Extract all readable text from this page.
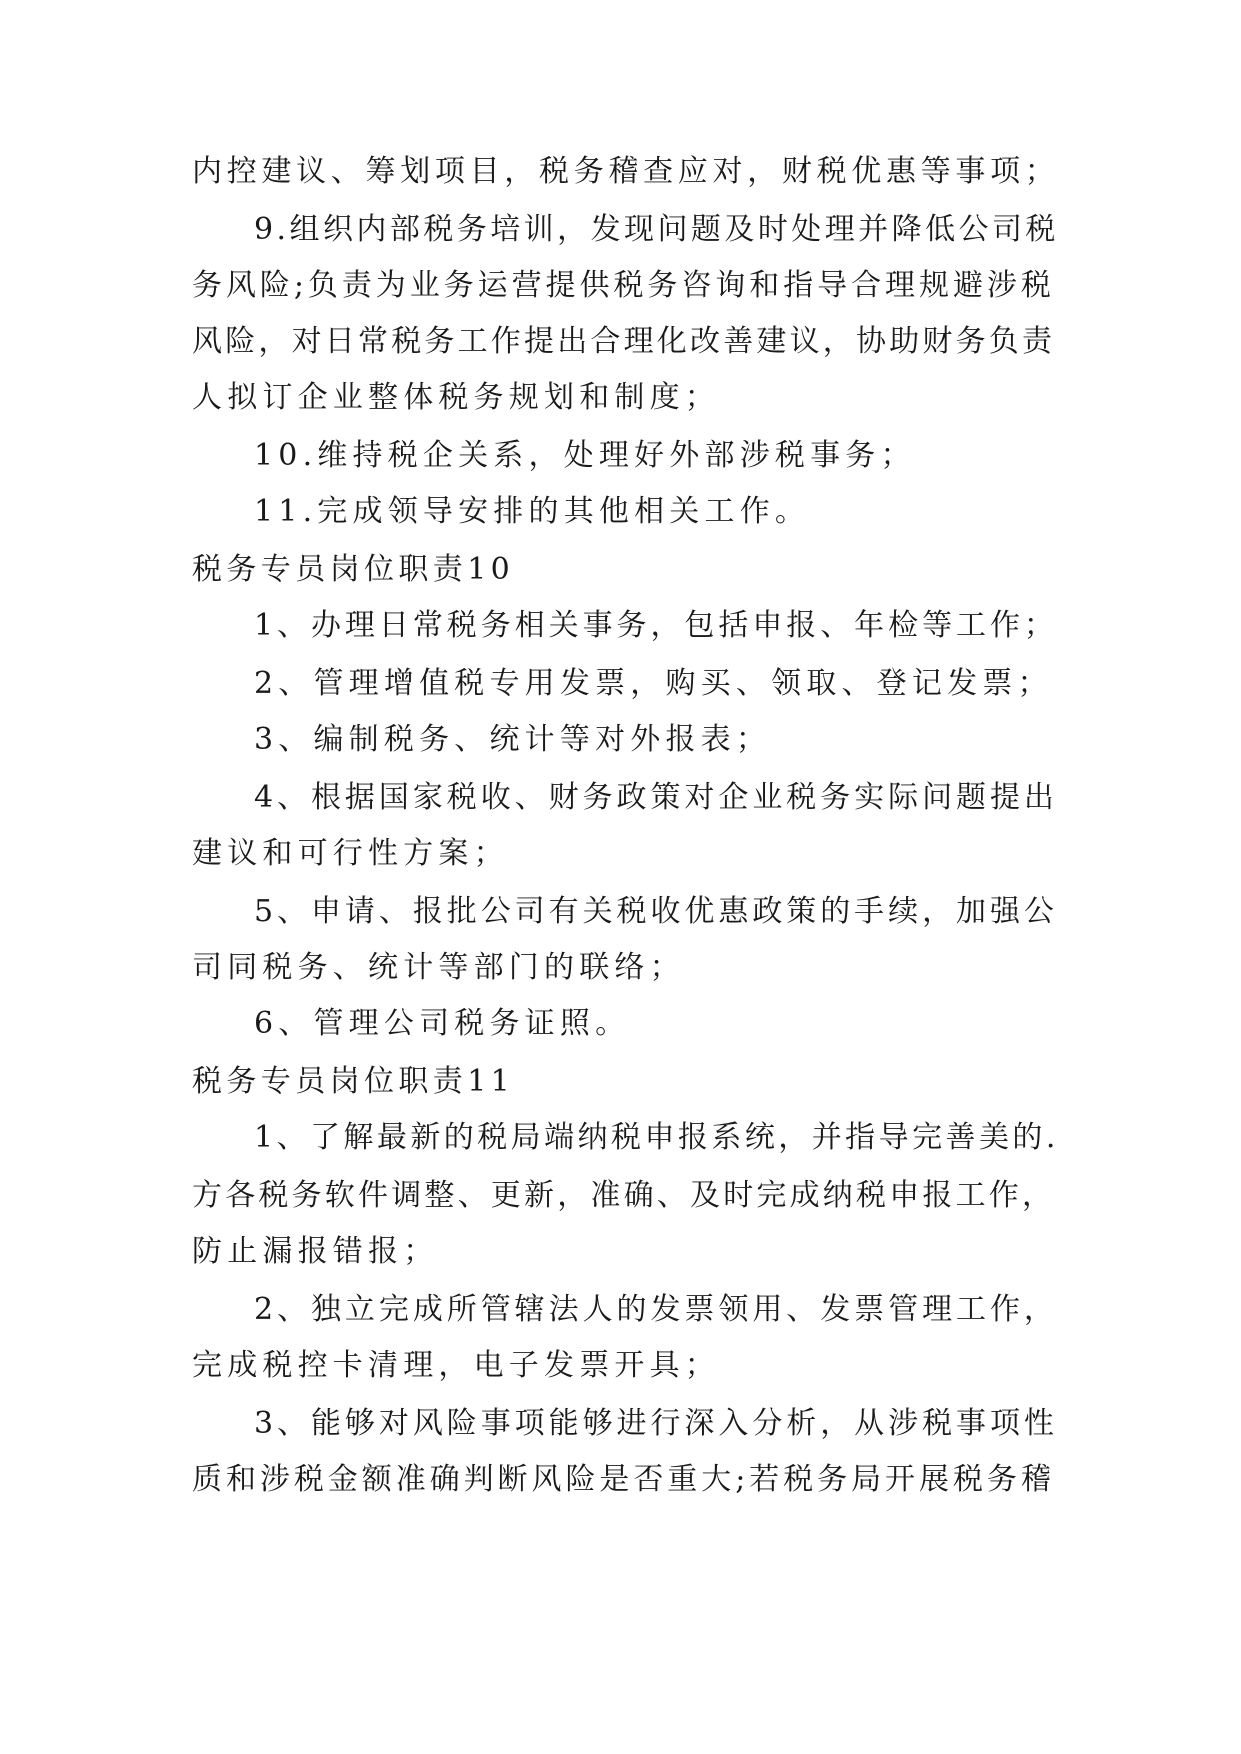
内控建议、筹划项目，税务稽查应对，财税优惠等事项；
9.组织内部税务培训，发现问题及时处理并降低公司税
务风险;负责为业务运营提供税务咨询和指导合理规避涉税
风险，对日常税务工作提出合理化改善建议，协助财务负责
人拟订企业整体税务规划和制度；
10.维持税企关系，处理好外部涉税事务；
11.完成领导安排的其他相关工作。
税务专员岗位职责10
1、办理日常税务相关事务，包括申报、年检等工作；
2、管理增值税专用发票，购买、领取、登记发票；
3、编制税务、统计等对外报表；
4、根据国家税收、财务政策对企业税务实际问题提出
建议和可行性方案；
5、申请、报批公司有关税收优惠政策的手续，加强公
司同税务、统计等部门的联络；
6、管理公司税务证照。
税务专员岗位职责11
1、了解最新的税局端纳税申报系统，并指导完善美的.
方各税务软件调整、更新，准确、及时完成纳税申报工作，
防止漏报错报；
2、独立完成所管辖法人的发票领用、发票管理工作，
完成税控卡清理，电子发票开具；
3、能够对风险事项能够进行深入分析，从涉税事项性
质和涉税金额准确判断风险是否重大;若税务局开展税务稽
